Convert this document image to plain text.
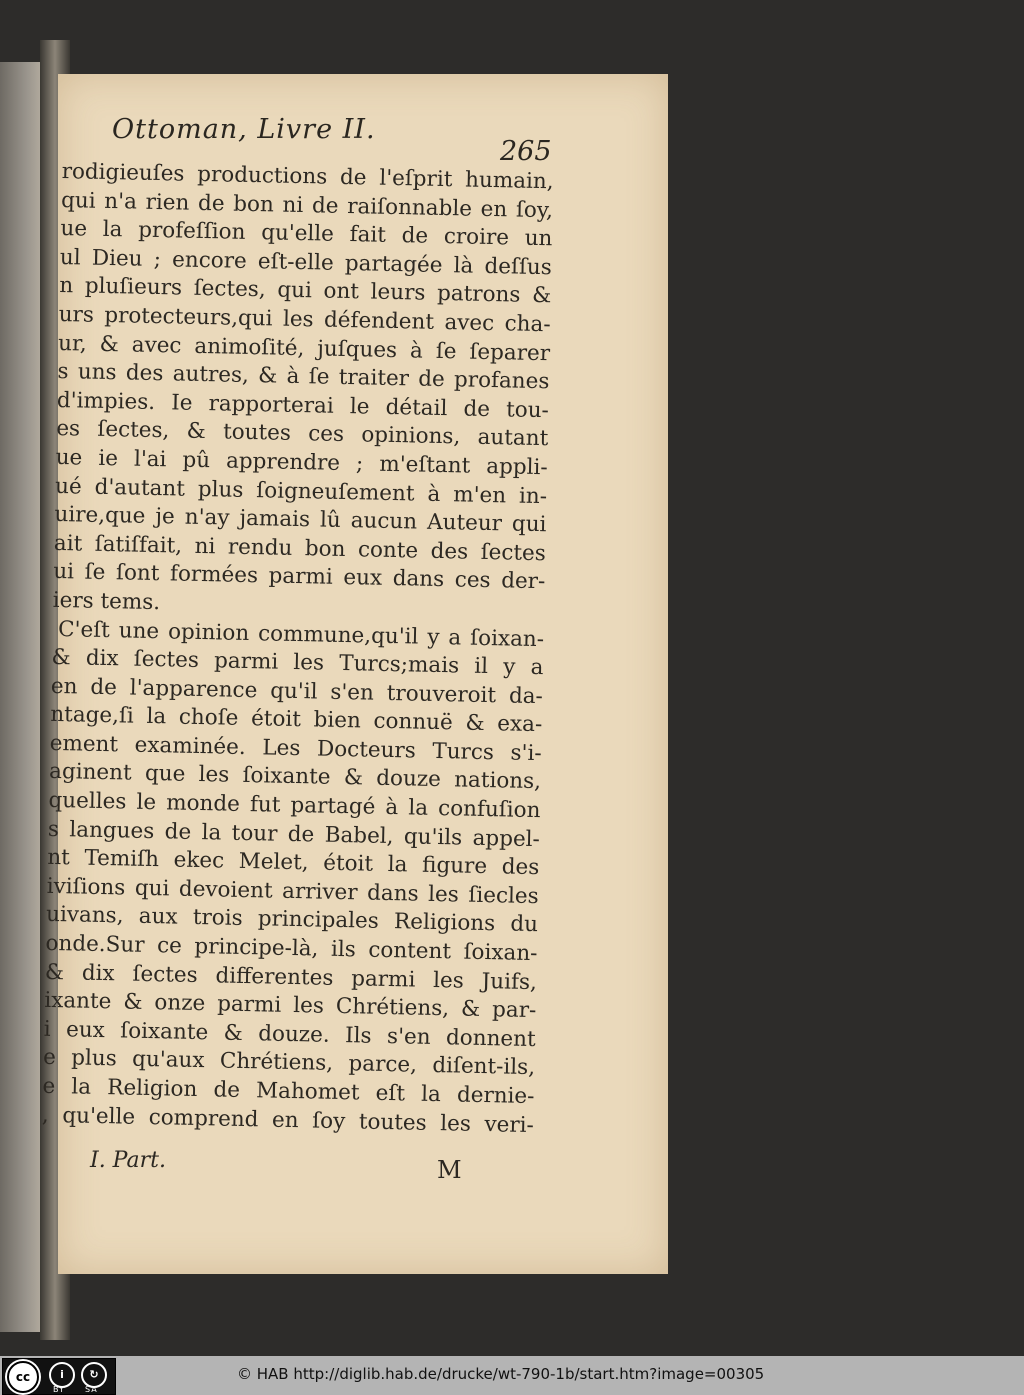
Ottoman, Livre II.
265
rodigieuſes productions de l'eſprit humain,
qui n'a rien de bon ni de raiſonnable en ſoy,
ue la profeſſion qu'elle fait de croire un
ul Dieu ; encore eſt-elle partagée là deſſus
n pluſieurs ſectes, qui ont leurs patrons &
urs protecteurs,qui les défendent avec cha-
ur, & avec animoſité, juſques à ſe ſeparer
s uns des autres, & à ſe traiter de profanes
d'impies. Ie rapporterai le détail de tou-
es ſectes, & toutes ces opinions, autant
ue ie l'ai pû apprendre ; m'eſtant appli-
ué d'autant plus ſoigneuſement à m'en in-
uire,que je n'ay jamais lû aucun Auteur qui
ait ſatiſfait, ni rendu bon conte des ſectes
ui ſe ſont formées parmi eux dans ces der-
iers tems.
C'eſt une opinion commune,qu'il y a ſoixan-
& dix ſectes parmi les Turcs;mais il y a
en de l'apparence qu'il s'en trouveroit da-
ntage,ſi la choſe étoit bien connuë & exa-
ement examinée. Les Docteurs Turcs s'i-
aginent que les ſoixante & douze nations,
quelles le monde fut partagé à la confuſion
s langues de la tour de Babel, qu'ils appel-
nt Temiſh ekec Melet, étoit la figure des
iviſions qui devoient arriver dans les ſiecles
uivans, aux trois principales Religions du
onde.Sur ce principe-là, ils content ſoixan-
& dix ſectes differentes parmi les Juifs,
ixante & onze parmi les Chrétiens, & par-
i eux ſoixante & douze. Ils s'en donnent
e plus qu'aux Chrétiens, parce, diſent-ils,
e la Religion de Mahomet eſt la dernie-
, qu'elle comprend en ſoy toutes les veri-
I. Part.	M
cc	i	↻
BY	SA
© HAB http://diglib.hab.de/drucke/wt-790-1b/start.htm?image=00305
